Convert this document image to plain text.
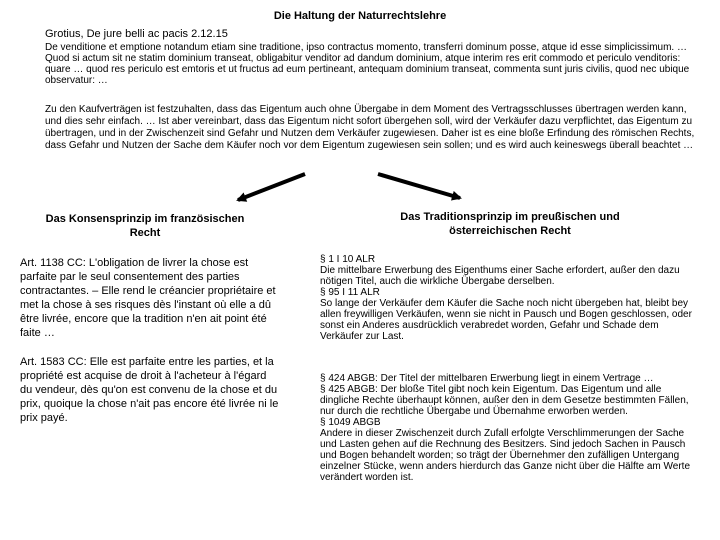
Die Haltung der Naturrechtslehre
Grotius, De jure belli ac pacis 2.12.15
De venditione et emptione notandum etiam sine traditione, ipso contractus momento, transferri dominum posse, atque id esse simplicissimum. … Quod si actum sit ne statim dominium transeat, obligabitur venditor ad dandum dominium, atque interim res erit commodo et periculo venditoris: quare … quod res periculo est emtoris et ut fructus ad eum pertineant, antequam dominium transeat, commenta sunt juris civilis, quod nec ubique observatur: …
Zu den Kaufverträgen ist festzuhalten, dass das Eigentum auch ohne Übergabe in dem Moment des Vertragsschlusses übertragen werden kann, und dies sehr einfach. … Ist aber vereinbart, dass das Eigentum nicht sofort übergehen soll, wird der Verkäufer dazu verpflichtet, das Eigentum zu übertragen, und in der Zwischenzeit sind Gefahr und Nutzen dem Verkäufer zugewiesen. Daher ist es eine bloße Erfindung des römischen Rechts, dass Gefahr und Nutzen der Sache dem Käufer noch vor dem Eigentum zugewiesen sein sollen; und es wird auch keineswegs überall beachtet …
Das Konsensprinzip im französischen Recht
Das Traditionsprinzip im preußischen und österreichischen Recht
Art. 1138 CC: L'obligation de livrer la chose est parfaite par le seul consentement des parties contractantes. – Elle rend le créancier propriétaire et met la chose à ses risques dès l'instant où elle a dû être livrée, encore que la tradition n'en ait point été faite …
Art. 1583 CC: Elle est parfaite entre les parties, et la propriété est acquise de droit à l'acheteur à l'égard du vendeur, dès qu'on est convenu de la chose et du prix, quoique la chose n'ait pas encore été livrée ni le prix payé.
§ 1 I 10 ALR
Die mittelbare Erwerbung des Eigenthums einer Sache erfordert, außer den dazu nötigen Titel, auch die wirkliche Übergabe derselben.
§ 95 I 11 ALR
So lange der Verkäufer dem Käufer die Sache noch nicht übergeben hat, bleibt bey allen freywilligen Verkäufen, wenn sie nicht in Pausch und Bogen geschlossen, oder sonst ein Anderes ausdrücklich verabredet worden, Gefahr und Schade dem Verkäufer zur Last.
§ 424 ABGB: Der Titel der mittelbaren Erwerbung liegt in einem Vertrage …
§ 425 ABGB: Der bloße Titel gibt noch kein Eigentum. Das Eigentum und alle dingliche Rechte überhaupt können, außer den in dem Gesetze bestimmten Fällen, nur durch die rechtliche Übergabe und Übernahme erworben werden.
§ 1049 ABGB
Andere in dieser Zwischenzeit durch Zufall erfolgte Verschlimmerungen der Sache und Lasten gehen auf die Rechnung des Besitzers. Sind jedoch Sachen in Pausch und Bogen behandelt worden; so trägt der Übernehmer den zufälligen Untergang einzelner Stücke, wenn anders hierdurch das Ganze nicht über die Hälfte am Werte verändert worden ist.
